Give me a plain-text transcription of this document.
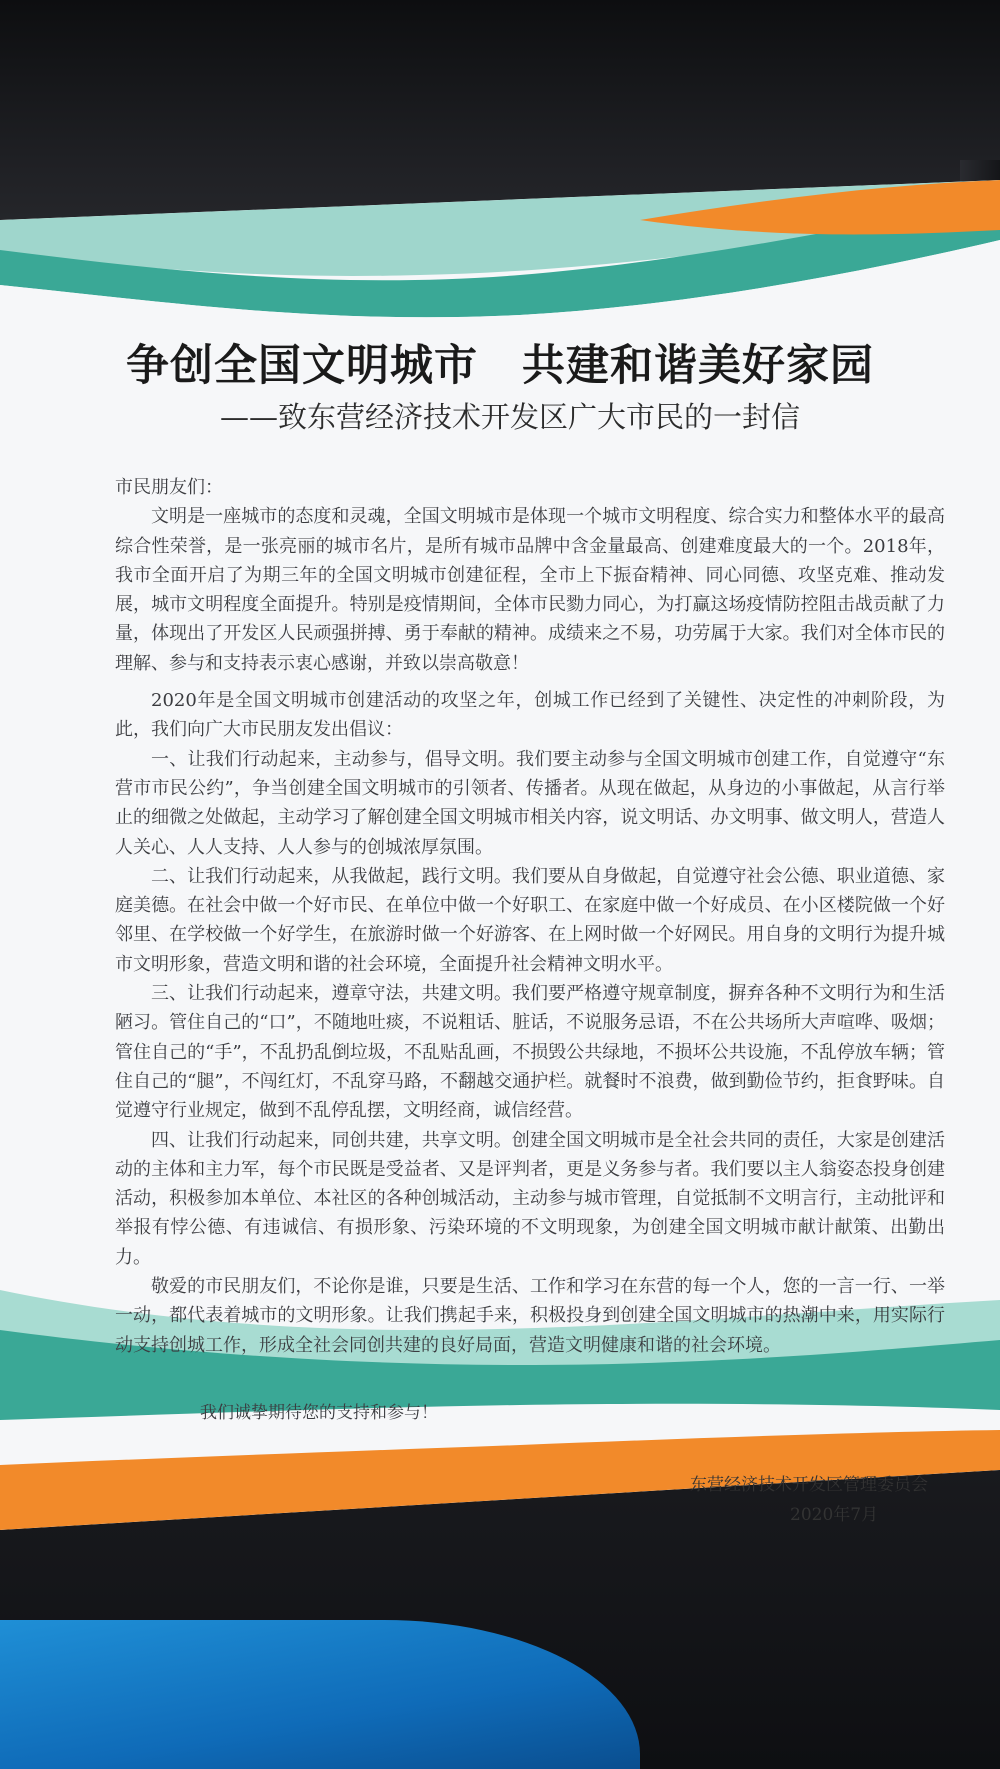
争创全国文明城市　共建和谐美好家园
——致东营经济技术开发区广大市民的一封信

市民朋友们：

文明是一座城市的态度和灵魂，全国文明城市是体现一个城市文明程度、综合实力和整体水平的最高综合性荣誉，是一张亮丽的城市名片，是所有城市品牌中含金量最高、创建难度最大的一个。2018年，我市全面开启了为期三年的全国文明城市创建征程，全市上下振奋精神、同心同德、攻坚克难、推动发展，城市文明程度全面提升。特别是疫情期间，全体市民勠力同心，为打赢这场疫情防控阻击战贡献了力量，体现出了开发区人民顽强拼搏、勇于奉献的精神。成绩来之不易，功劳属于大家。我们对全体市民的理解、参与和支持表示衷心感谢，并致以崇高敬意！

2020年是全国文明城市创建活动的攻坚之年，创城工作已经到了关键性、决定性的冲刺阶段，为此，我们向广大市民朋友发出倡议：

一、让我们行动起来，主动参与，倡导文明。我们要主动参与全国文明城市创建工作，自觉遵守“东营市市民公约”，争当创建全国文明城市的引领者、传播者。从现在做起，从身边的小事做起，从言行举止的细微之处做起，主动学习了解创建全国文明城市相关内容，说文明话、办文明事、做文明人，营造人人关心、人人支持、人人参与的创城浓厚氛围。

二、让我们行动起来，从我做起，践行文明。我们要从自身做起，自觉遵守社会公德、职业道德、家庭美德。在社会中做一个好市民、在单位中做一个好职工、在家庭中做一个好成员、在小区楼院做一个好邻里、在学校做一个好学生，在旅游时做一个好游客、在上网时做一个好网民。用自身的文明行为提升城市文明形象，营造文明和谐的社会环境，全面提升社会精神文明水平。

三、让我们行动起来，遵章守法，共建文明。我们要严格遵守规章制度，摒弃各种不文明行为和生活陋习。管住自己的“口”，不随地吐痰，不说粗话、脏话，不说服务忌语，不在公共场所大声喧哗、吸烟；管住自己的“手”，不乱扔乱倒垃圾，不乱贴乱画，不损毁公共绿地，不损坏公共设施，不乱停放车辆；管住自己的“腿”，不闯红灯，不乱穿马路，不翻越交通护栏。就餐时不浪费，做到勤俭节约，拒食野味。自觉遵守行业规定，做到不乱停乱摆，文明经商，诚信经营。

四、让我们行动起来，同创共建，共享文明。创建全国文明城市是全社会共同的责任，大家是创建活动的主体和主力军，每个市民既是受益者、又是评判者，更是义务参与者。我们要以主人翁姿态投身创建活动，积极参加本单位、本社区的各种创城活动，主动参与城市管理，自觉抵制不文明言行，主动批评和举报有悖公德、有违诚信、有损形象、污染环境的不文明现象，为创建全国文明城市献计献策、出勤出力。

敬爱的市民朋友们，不论你是谁，只要是生活、工作和学习在东营的每一个人，您的一言一行、一举一动，都代表着城市的文明形象。让我们携起手来，积极投身到创建全国文明城市的热潮中来，用实际行动支持创城工作，形成全社会同创共建的良好局面，营造文明健康和谐的社会环境。

我们诚挚期待您的支持和参与！
东营经济技术开发区管理委员会
2020年7月
